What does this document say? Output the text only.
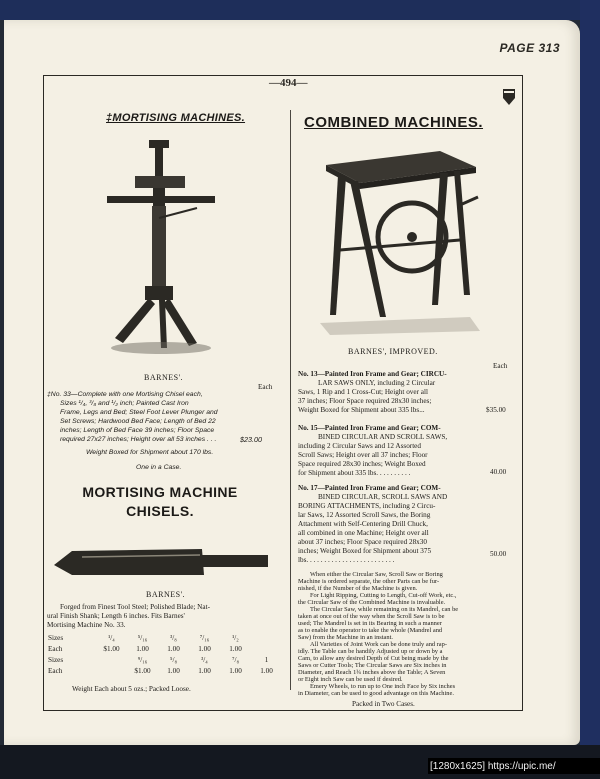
PAGE 313
—494—
‡MORTISING MACHINES.
BARNES'.
Each
‡No. 33—Complete with one Mortising Chisel each,
Sizes ¹/₄, ³/₈ and ¹/₂ inch; Painted Cast Iron
Frame, Legs and Bed; Steel Foot Lever Plunger and
Set Screws; Hardwood Bed Face; Length of Bed 22
inches; Length of Bed Face 39 inches; Floor Space
required 27x27 inches; Height over all 53 inches . . .	$23.00
Weight Boxed for Shipment about 170 lbs.
One in a Case.
MORTISING MACHINE
CHISELS.
BARNES'.
Forged from Finest Tool Steel; Polished Blade; Nat-
ural Finish Shank; Length 6 inches. Fits Barnes'
Mortising Machine No. 33.
Sizes	¹/₄	⁵/₁₆	³/₈	⁷/₁₆	¹/₂	
Each	$1.00	1.00	1.00	1.00	1.00	
Sizes		⁹/₁₆	⁵/₈	³/₄	⁷/₈	1
Each		$1.00	1.00	1.00	1.00	1.00
Weight Each about 5 ozs.; Packed Loose.
COMBINED MACHINES.
BARNES', IMPROVED.
Each
No. 13—Painted Iron Frame and Gear; CIRCU-
LAR SAWS ONLY, including 2 Circular
Saws, 1 Rip and 1 Cross-Cut; Height over all
37 inches; Floor Space required 28x30 inches;
Weight Boxed for Shipment about 335 lbs...	$35.00
No. 15—Painted Iron Frame and Gear; COM-
BINED CIRCULAR AND SCROLL SAWS,
including 2 Circular Saws and 12 Assorted
Scroll Saws; Height over all 37 inches; Floor
Space required 28x30 inches; Weight Boxed
for Shipment about 335 lbs. . . . . . . . . .	40.00
No. 17—Painted Iron Frame and Gear; COM-
BINED CIRCULAR, SCROLL SAWS AND
BORING ATTACHMENTS, including 2 Circu-
lar Saws, 12 Assorted Scroll Saws, the Boring
Attachment with Self-Centering Drill Chuck,
all combined in one Machine; Height over all
about 37 inches; Floor Space required 28x30
inches; Weight Boxed for Shipment about 375
lbs. . . . . . . . . . . . . . . . . . . . . . . . .
50.00
When either the Circular Saw, Scroll Saw or Boring
Machine is ordered separate, the other Parts can be fur-
nished, if the Number of the Machine is given.
For Light Ripping, Cutting to Length, Cut-off Work, etc.,
the Circular Saw of the Combined Machine is invaluable.
The Circular Saw, while remaining on its Mandrel, can be
taken at once out of the way when the Scroll Saw is to be
used; The Mandrel is set in its Bearing in such a manner
as to enable the operator to take the whole (Mandrel and
Saw) from the Machine in an instant.
All Varieties of Joint Work can be done truly and rap-
idly. The Table can be handily Adjusted up or down by a
Cam, to allow any desired Depth of Cut being made by the
Saws or Cutter Tools; The Circular Saws are Six inches in
Diameter, and Reach 1¾ inches above the Table; A Seven
or Eight inch Saw can be used if desired.
Emery Wheels, to run up to One inch Face by Six inches
in Diameter, can be used to good advantage on this Machine.
Packed in Two Cases.
[1280x1625] https://upic.me/
